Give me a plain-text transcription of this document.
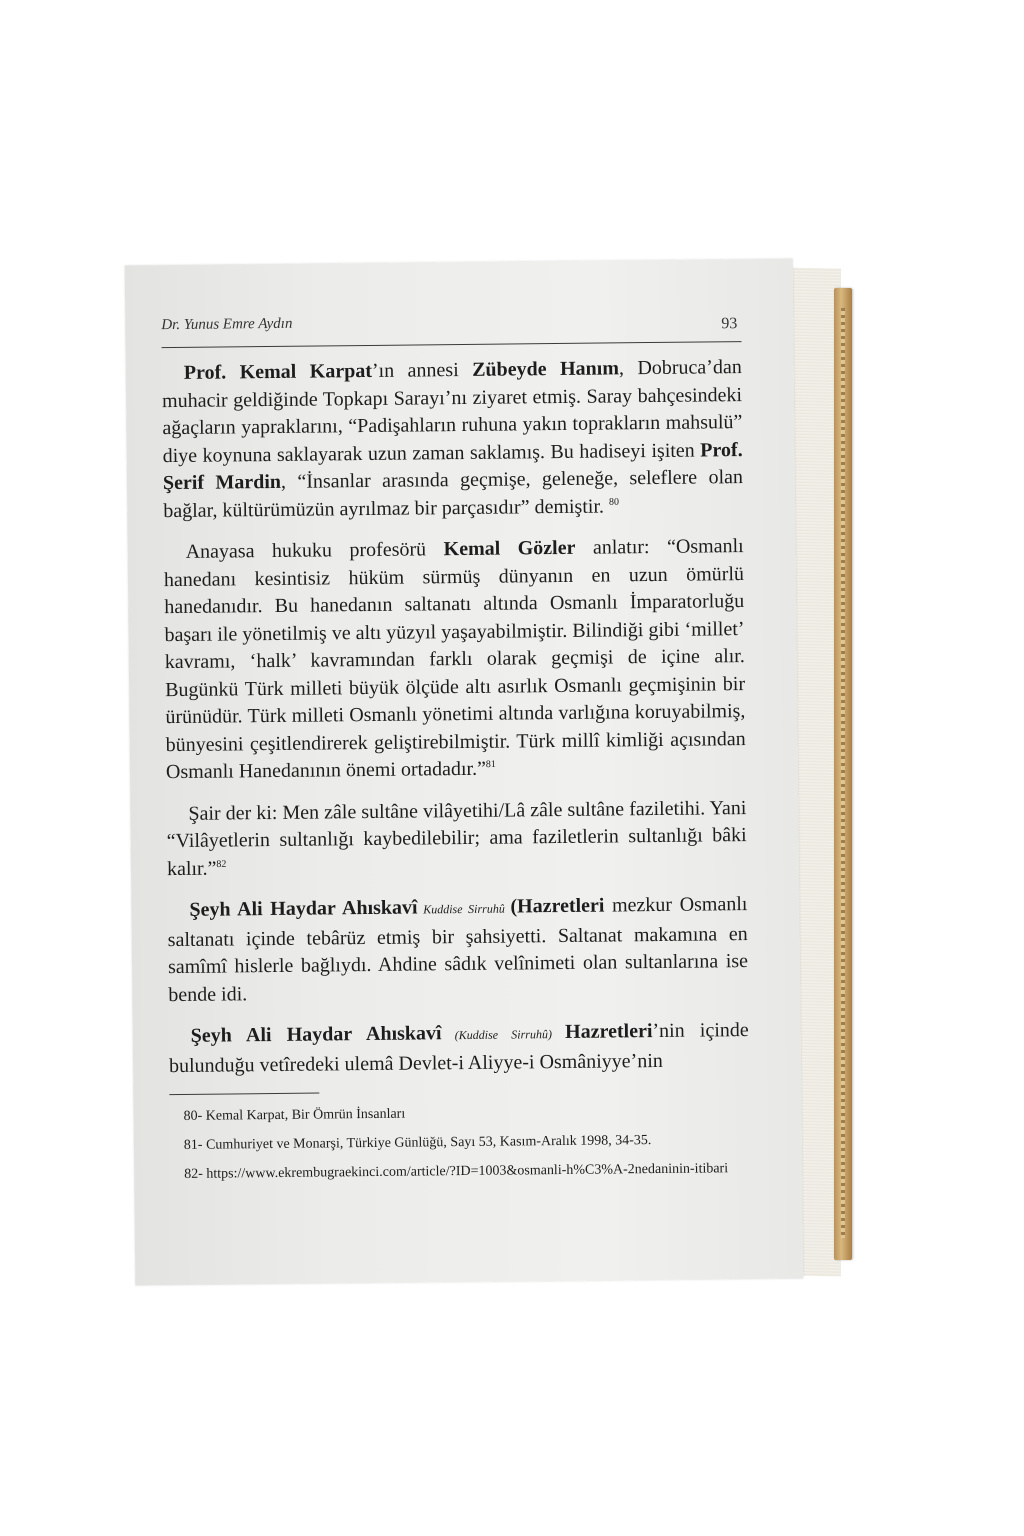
Dr. Yunus Emre Aydın	93

Prof. Kemal Karpat’ın annesi Zübeyde Hanım, Dobruca’dan muhacir geldiğinde Topkapı Sarayı’nı ziyaret etmiş. Saray bahçesindeki ağaçların yapraklarını, “Padişahların ruhuna yakın toprakların mahsulü” diye koynuna saklayarak uzun zaman saklamış. Bu hadiseyi işiten Prof. Şerif Mardin, “İnsanlar arasında geçmişe, geleneğe, seleflere olan bağlar, kültürümüzün ayrılmaz bir parçasıdır” demiştir. $^{80}$

Anayasa hukuku profesörü Kemal Gözler anlatır: “Osmanlı hanedanı kesintisiz hüküm sürmüş dünyanın en uzun ömürlü hanedanıdır. Bu hanedanın saltanatı altında Osmanlı İmparatorluğu başarı ile yönetilmiş ve altı yüzyıl yaşayabilmiştir. Bilindiği gibi ‘millet’ kavramı, ‘halk’ kavramından farklı olarak geçmişi de içine alır. Bugünkü Türk milleti büyük ölçüde altı asırlık Osmanlı geçmişinin bir ürünüdür. Türk milleti Osmanlı yönetimi altında varlığına koruyabilmiş, bünyesini çeşitlendirerek geliştirebilmiştir. Türk millî kimliği açısından Osmanlı Hanedanının önemi ortadadır.”$^{81}$

Şair der ki: Men zâle sultâne vilâyetihi/Lâ zâle sultâne faziletihi. Yani “Vilâyetlerin sultanlığı kaybedilebilir; ama faziletlerin sultanlığı bâki kalır.”$^{82}$

Şeyh Ali Haydar Ahıskavî Kuddise Sirruhû (Hazretleri mezkur Osmanlı saltanatı içinde tebârüz etmiş bir şahsiyetti. Saltanat makamına en samîmî hislerle bağlıydı. Ahdine sâdık velînimeti olan sultanlarına ise bende idi.

Şeyh Ali Haydar Ahıskavî (Kuddise Sirruhû) Hazretleri’nin içinde bulunduğu vetîredeki ulemâ Devlet-i Aliyye-i Osmâniyye’nin

80- Kemal Karpat, Bir Ömrün İnsanları

81- Cumhuriyet ve Monarşi, Türkiye Günlüğü, Sayı 53, Kasım-Aralık 1998, 34-35.

82- https://www.ekrembugraekinci.com/article/?ID=1003&osmanli-h%C3%A-2nedaninin-itibari
